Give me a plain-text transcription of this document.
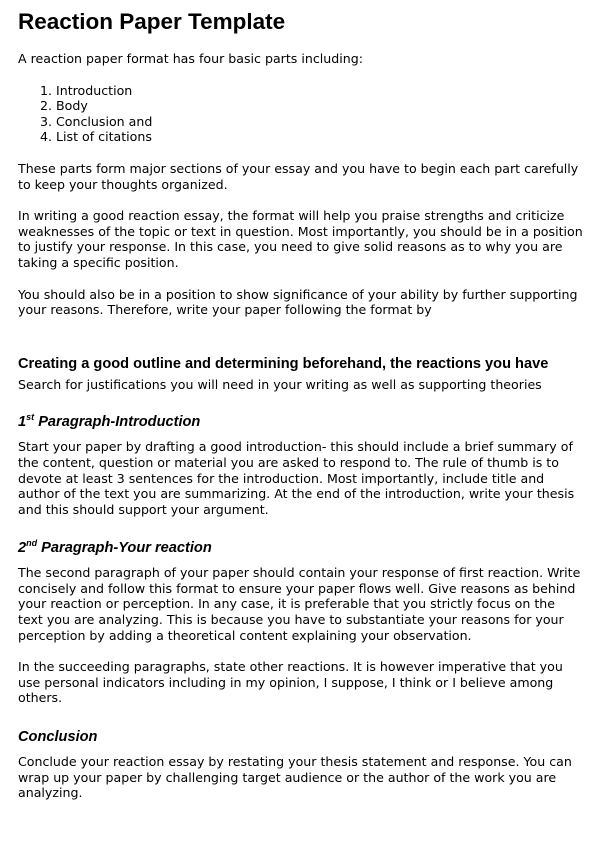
Reaction Paper Template

A reaction paper format has four basic parts including:

1. Introduction
2. Body
3. Conclusion and
4. List of citations

These parts form major sections of your essay and you have to begin each part carefully to keep your thoughts organized.

In writing a good reaction essay, the format will help you praise strengths and criticize weaknesses of the topic or text in question. Most importantly, you should be in a position to justify your response. In this case, you need to give solid reasons as to why you are taking a specific position.

You should also be in a position to show significance of your ability by further supporting your reasons. Therefore, write your paper following the format by

Creating a good outline and determining beforehand, the reactions you have

Search for justifications you will need in your writing as well as supporting theories

1st Paragraph-Introduction

Start your paper by drafting a good introduction- this should include a brief summary of the content, question or material you are asked to respond to. The rule of thumb is to devote at least 3 sentences for the introduction. Most importantly, include title and author of the text you are summarizing. At the end of the introduction, write your thesis and this should support your argument.

2nd Paragraph-Your reaction

The second paragraph of your paper should contain your response of first reaction. Write concisely and follow this format to ensure your paper flows well. Give reasons as behind your reaction or perception. In any case, it is preferable that you strictly focus on the text you are analyzing. This is because you have to substantiate your reasons for your perception by adding a theoretical content explaining your observation.

In the succeeding paragraphs, state other reactions. It is however imperative that you use personal indicators including in my opinion, I suppose, I think or I believe among others.

Conclusion

Conclude your reaction essay by restating your thesis statement and response. You can wrap up your paper by challenging target audience or the author of the work you are analyzing.
